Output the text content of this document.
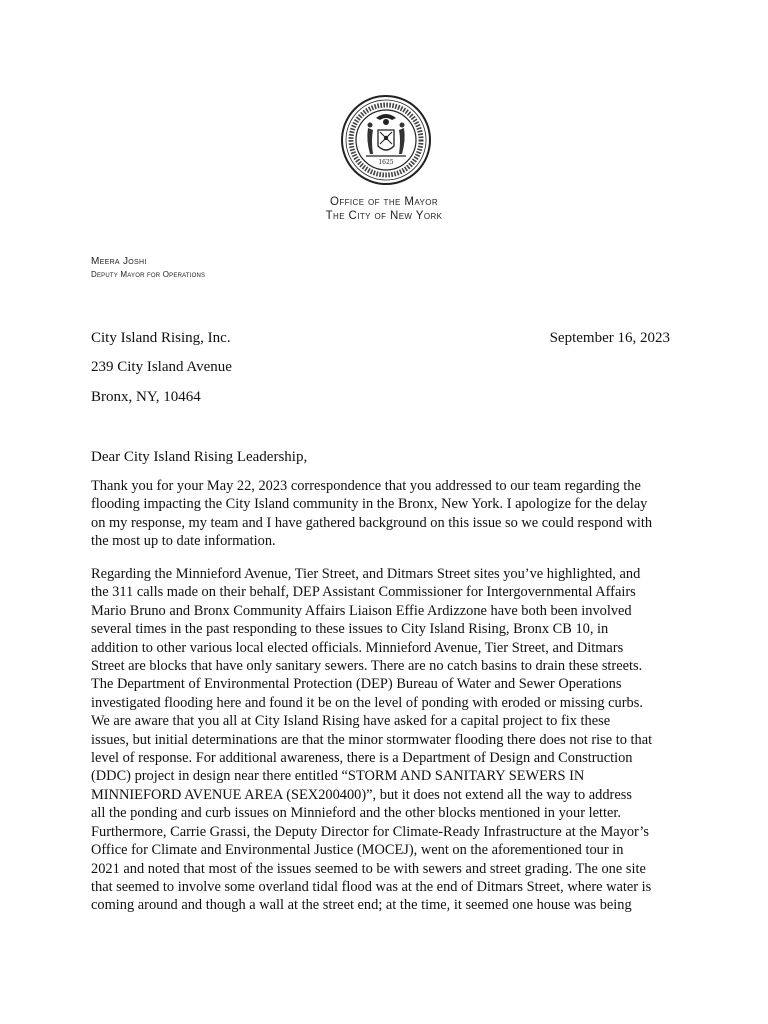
1625
Office of the Mayor
The City of New York
Meera Joshi
Deputy Mayor for Operations
City Island Rising, Inc.
239 City Island Avenue
Bronx, NY, 10464
September 16, 2023
Dear City Island Rising Leadership,

Thank you for your May 22, 2023 correspondence that you addressed to our team regarding the
flooding impacting the City Island community in the Bronx, New York. I apologize for the delay
on my response, my team and I have gathered background on this issue so we could respond with
the most up to date information.

Regarding the Minnieford Avenue, Tier Street, and Ditmars Street sites you’ve highlighted, and
the 311 calls made on their behalf, DEP Assistant Commissioner for Intergovernmental Affairs
Mario Bruno and Bronx Community Affairs Liaison Effie Ardizzone have both been involved
several times in the past responding to these issues to City Island Rising, Bronx CB 10, in
addition to other various local elected officials. Minnieford Avenue, Tier Street, and Ditmars
Street are blocks that have only sanitary sewers. There are no catch basins to drain these streets.
The Department of Environmental Protection (DEP) Bureau of Water and Sewer Operations
investigated flooding here and found it be on the level of ponding with eroded or missing curbs.
We are aware that you all at City Island Rising have asked for a capital project to fix these
issues, but initial determinations are that the minor stormwater flooding there does not rise to that
level of response. For additional awareness, there is a Department of Design and Construction
(DDC) project in design near there entitled “STORM AND SANITARY SEWERS IN
MINNIEFORD AVENUE AREA (SEX200400)”, but it does not extend all the way to address
all the ponding and curb issues on Minnieford and the other blocks mentioned in your letter.
Furthermore, Carrie Grassi, the Deputy Director for Climate-Ready Infrastructure at the Mayor’s
Office for Climate and Environmental Justice (MOCEJ), went on the aforementioned tour in
2021 and noted that most of the issues seemed to be with sewers and street grading. The one site
that seemed to involve some overland tidal flood was at the end of Ditmars Street, where water is
coming around and though a wall at the street end; at the time, it seemed one house was being
